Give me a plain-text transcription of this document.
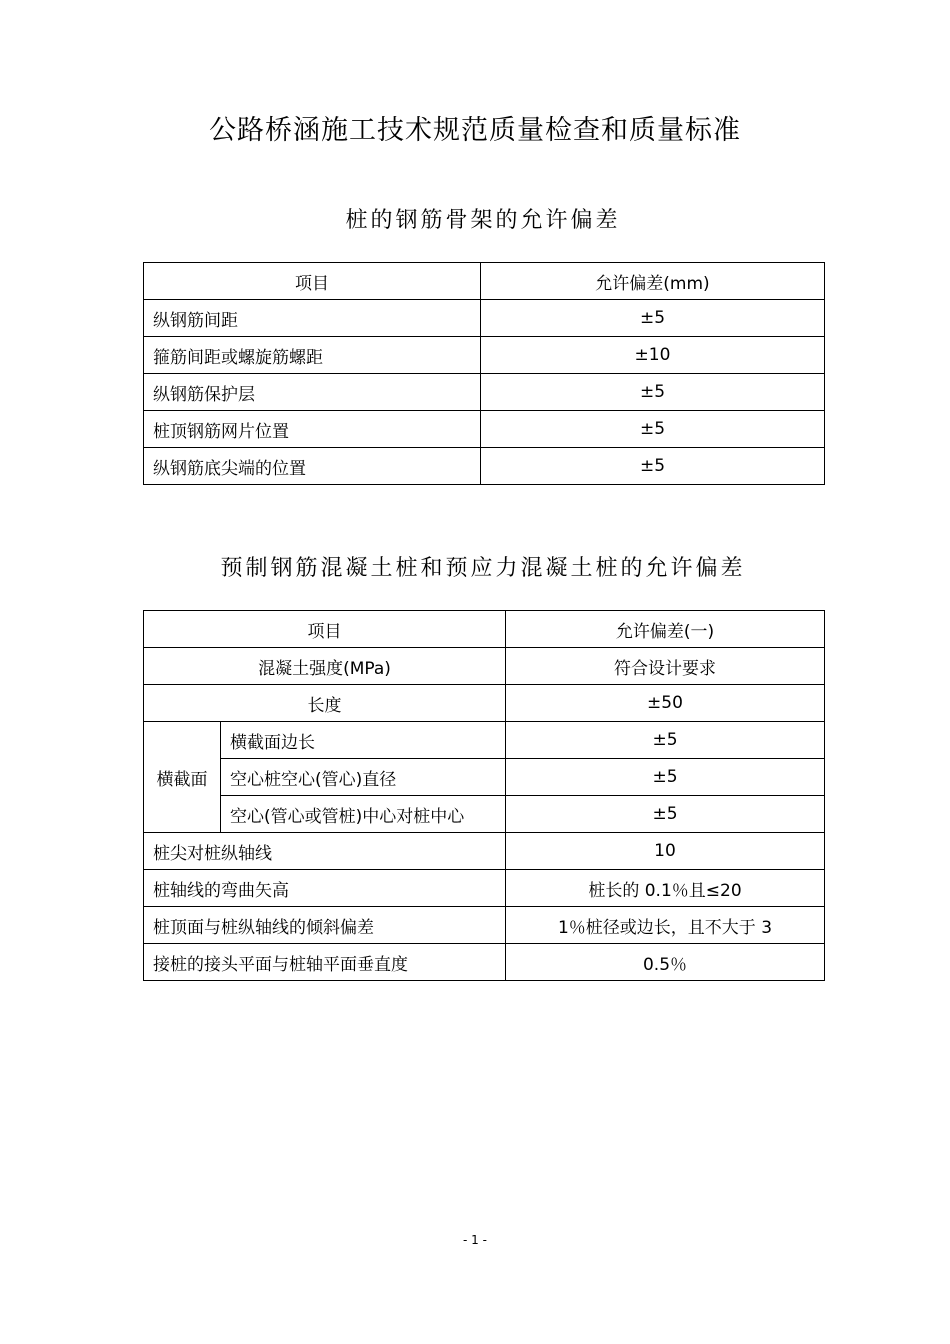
公路桥涵施工技术规范质量检查和质量标准
桩的钢筋骨架的允许偏差
项目	允许偏差(mm)
纵钢筋间距	±5
箍筋间距或螺旋筋螺距	±10
纵钢筋保护层	±5
桩顶钢筋网片位置	±5
纵钢筋底尖端的位置	±5
预制钢筋混凝土桩和预应力混凝土桩的允许偏差
项目		允许偏差(一)
混凝土强度(MPa)		符合设计要求
长度		±50
横截面	横截面边长	±5
	空心桩空心(管心)直径	±5
	空心(管心或管桩)中心对桩中心	±5
桩尖对桩纵轴线		10
桩轴线的弯曲矢高		桩长的 0.1％且≤20
桩顶面与桩纵轴线的倾斜偏差		1％桩径或边长，且不大于 3
接桩的接头平面与桩轴平面垂直度		0.5％
- 1 -
